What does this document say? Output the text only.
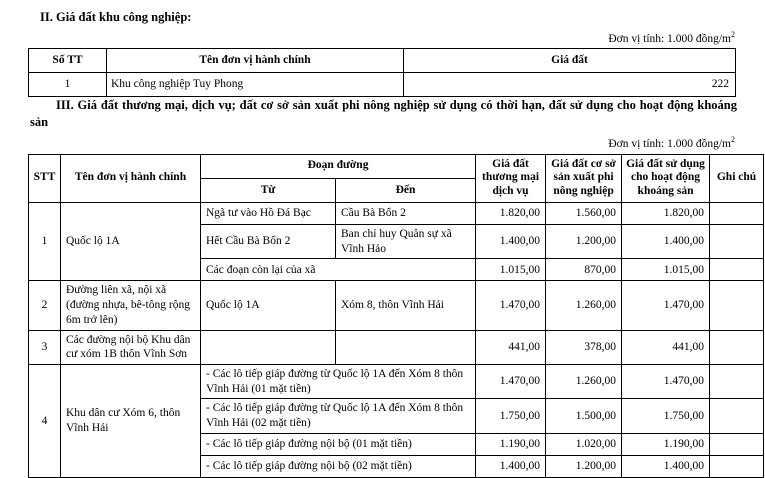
II. Giá đất khu công nghiệp:

Đơn vị tính: 1.000 đồng/$m^2$

Số TT	Tên đơn vị hành chính	Giá đất
1	Khu công nghiệp Tuy Phong	222
III. Giá đất thương mại, dịch vụ; đất cơ sở sản xuất phi nông nghiệp sử dụng có thời hạn, đất sử dụng cho hoạt động khoáng sản

Đơn vị tính: 1.000 đồng/$m^2$

STT	Tên đơn vị hành chính	Đoạn đường		Giá đất thương mại dịch vụ	Giá đất cơ sở sản xuất phi nông nghiệp	Giá đất sử dụng cho hoạt động khoáng sản	Ghi chú
		Từ	Đến				
1	Quốc lộ 1A	Ngã tư vào Hồ Đá Bạc	Cầu Bà Bổn 2	1.820,00	1.560,00	1.820,00	
		Hết Cầu Bà Bổn 2	Ban chỉ huy Quân sự xã Vĩnh Hảo	1.400,00	1.200,00	1.400,00	
		Các đoạn còn lại của xã		1.015,00	870,00	1.015,00	
2	Đường liên xã, nội xã (đường nhựa, bê-tông rộng 6m trở lên)	Quốc lộ 1A	Xóm 8, thôn Vĩnh Hải	1.470,00	1.260,00	1.470,00	
3	Các đường nội bộ Khu dân cư xóm 1B thôn Vĩnh Sơn			441,00	378,00	441,00	
4	Khu dân cư Xóm 6, thôn Vĩnh Hải	- Các lô tiếp giáp đường từ Quốc lộ 1A đến Xóm 8 thôn Vĩnh Hải (01 mặt tiền)		1.470,00	1.260,00	1.470,00	
		- Các lô tiếp giáp đường từ Quốc lộ 1A đến Xóm 8 thôn Vĩnh Hải (02 mặt tiền)		1.750,00	1.500,00	1.750,00	
		- Các lô tiếp giáp đường nội bộ (01 mặt tiền)		1.190,00	1.020,00	1.190,00	
		- Các lô tiếp giáp đường nội bộ (02 mặt tiền)		1.400,00	1.200,00	1.400,00	
